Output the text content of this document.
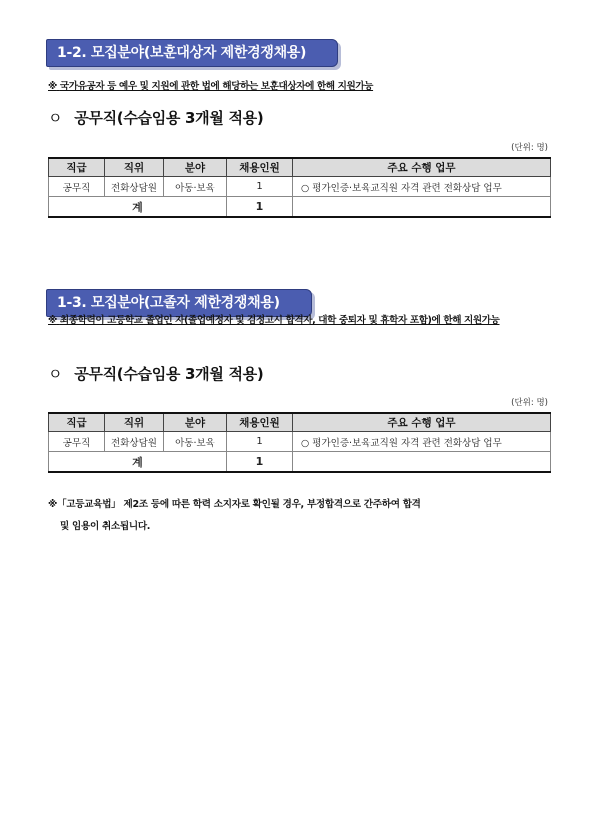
1-2. 모집분야(보훈대상자 제한경쟁채용)
※ 국가유공자 등 예우 및 지원에 관한 법에 해당하는 보훈대상자에 한해 지원가능
ㅇ 공무직(수습임용 3개월 적용)
(단위: 명)
직급	직위	분야	채용인원	주요 수행 업무
공무직	전화상담원	아동·보육	1	○ 평가인증·보육교직원 자격 관련 전화상담 업무
계			1	
1-3. 모집분야(고졸자 제한경쟁채용)
※ 최종학력이 고등학교 졸업인 자(졸업예정자 및 검정고시 합격자, 대학 중퇴자 및 휴학자 포함)에 한해 지원가능
ㅇ 공무직(수습임용 3개월 적용)
(단위: 명)
직급	직위	분야	채용인원	주요 수행 업무
공무직	전화상담원	아동·보육	1	○ 평가인증·보육교직원 자격 관련 전화상담 업무
계			1	
※「고등교육법」 제2조 등에 따른 학력 소지자로 확인될 경우, 부정합격으로 간주하여 합격
및 임용이 취소됩니다.
